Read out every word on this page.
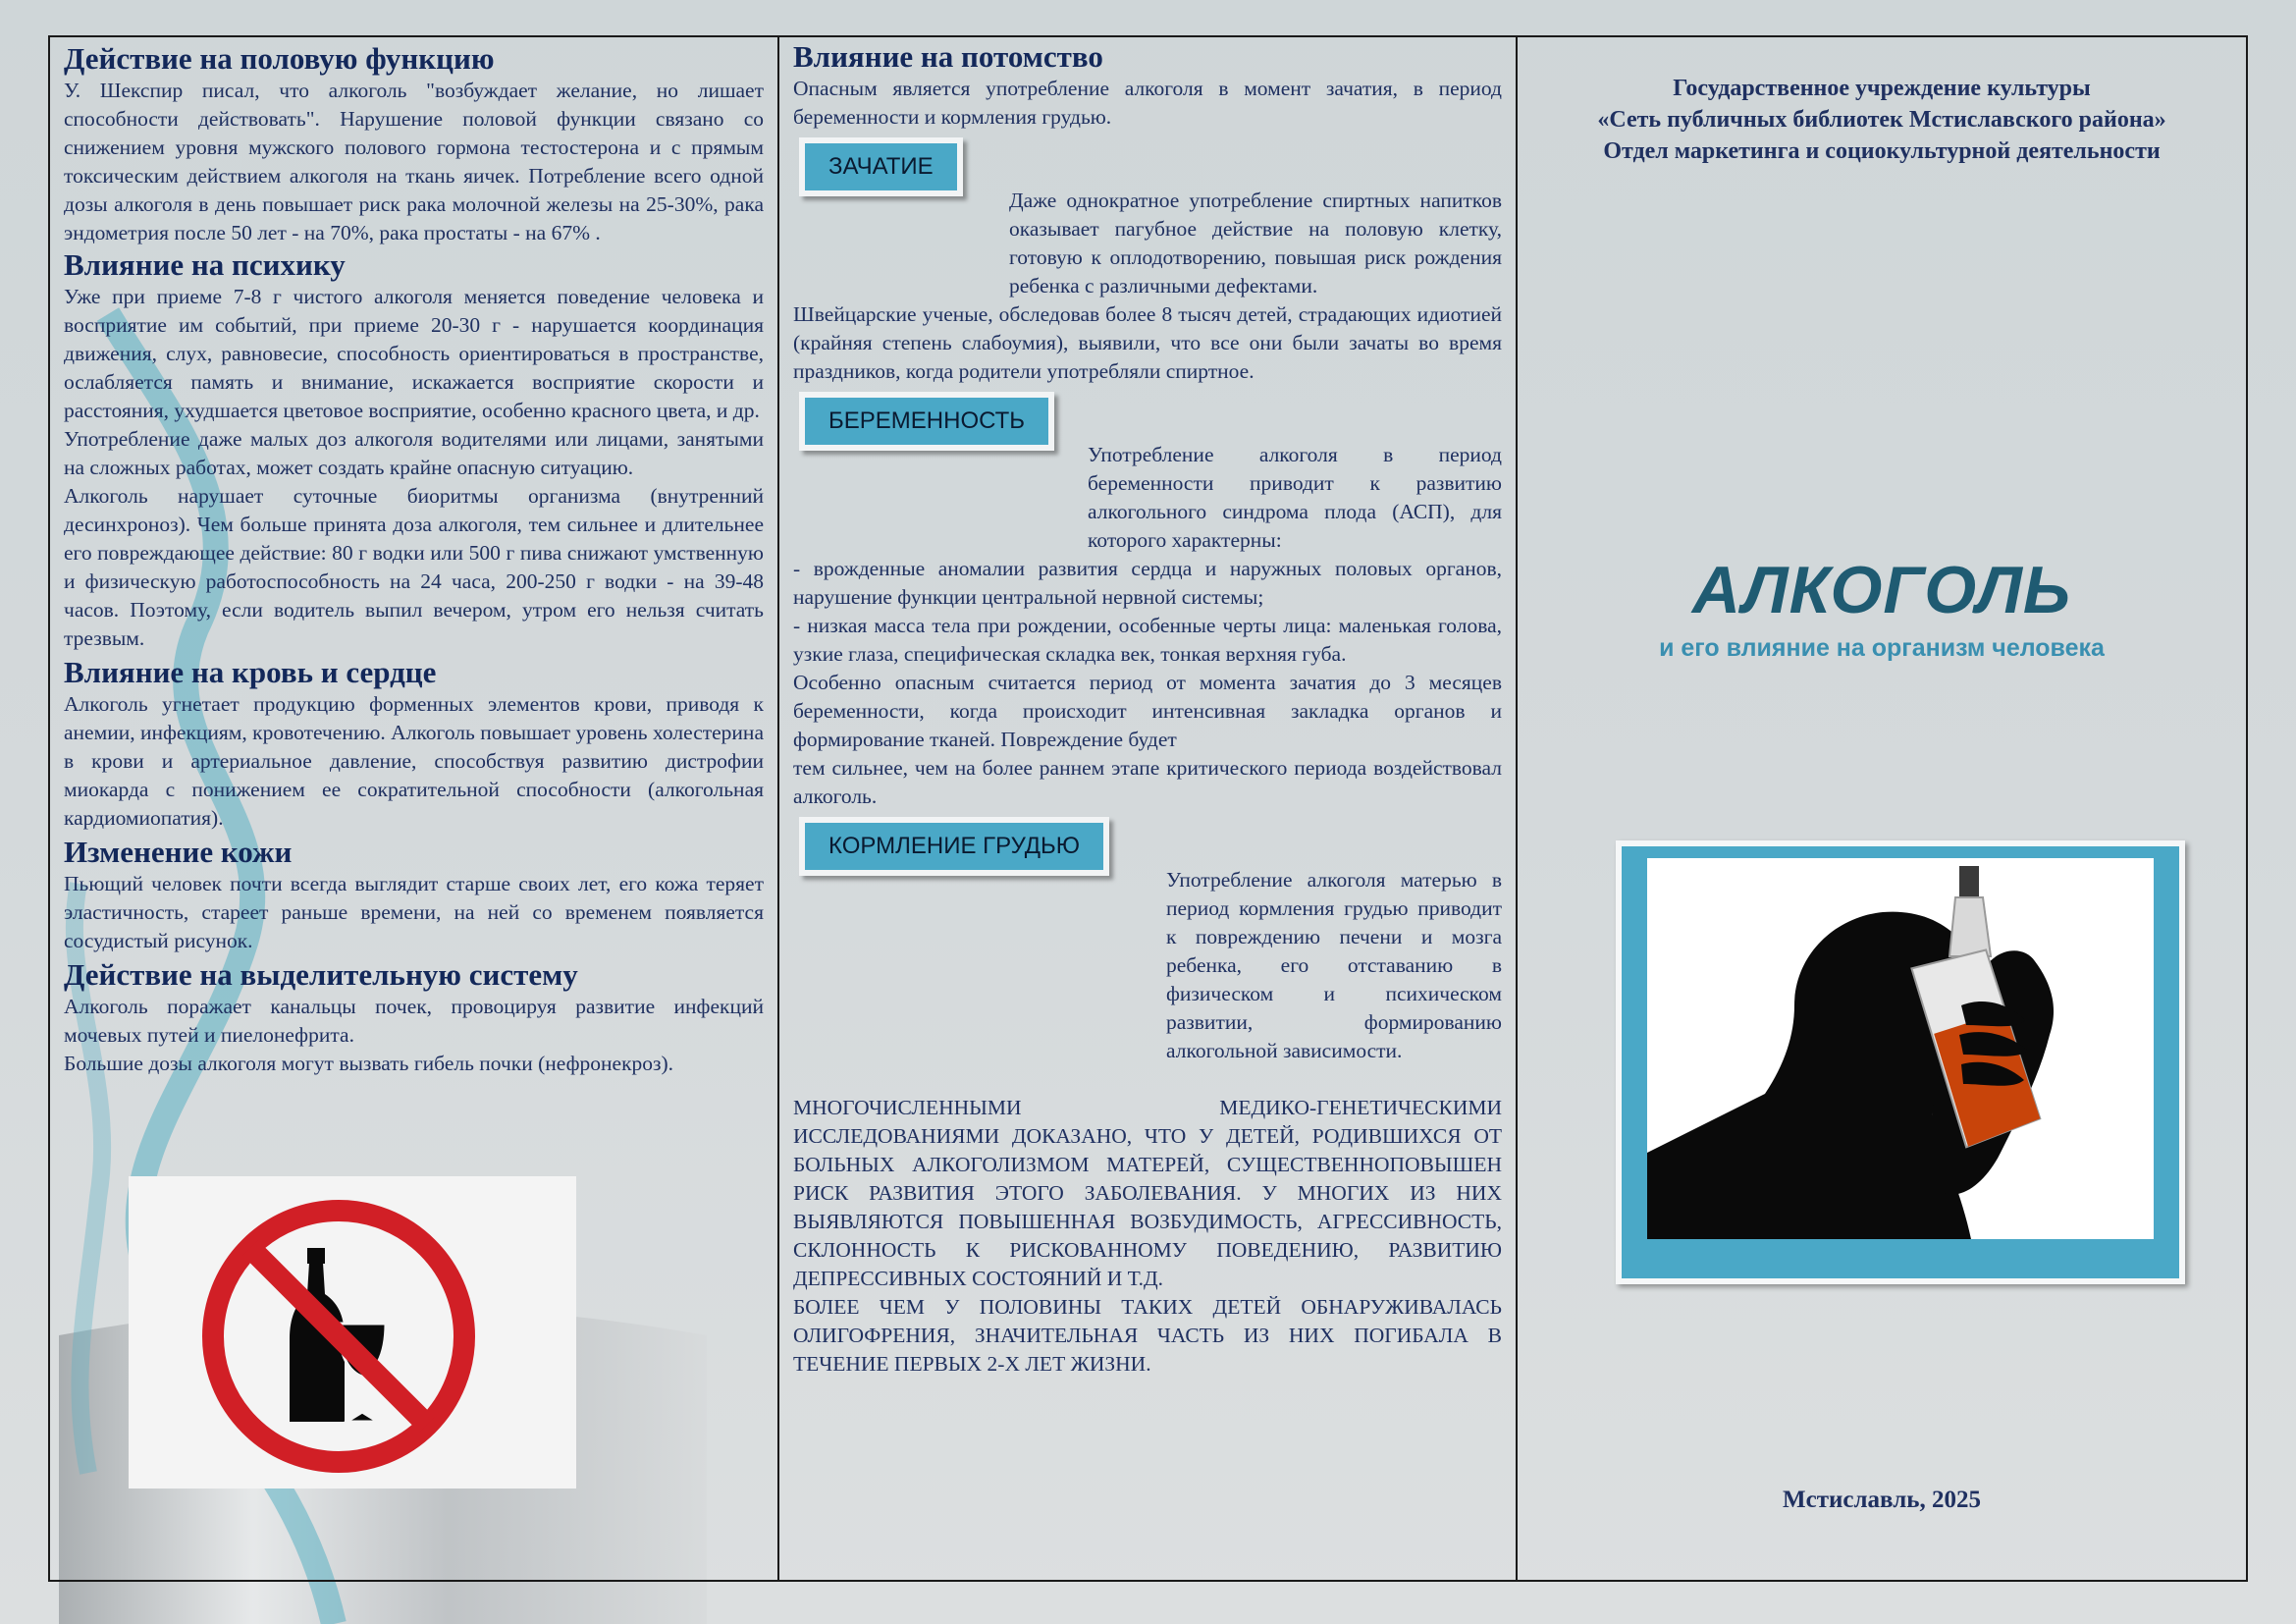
Действие на половую функцию

У. Шекспир писал, что алкоголь "возбуждает желание, но лишает способности действовать". Нарушение половой функции связано со снижением уровня мужского полового гормона тестостерона и с прямым токсическим действием алкоголя на ткань яичек. Потребление всего одной дозы алкоголя в день повышает риск рака молочной железы на 25-30%, рака эндометрия после 50 лет - на 70%, рака простаты - на 67% .

Влияние на психику

Уже при приеме 7-8 г чистого алкоголя меняется поведение человека и восприятие им событий, при приеме 20-30 г - нарушается координация движения, слух, равновесие, способность ориентироваться в пространстве, ослабляется память и внимание, искажается восприятие скорости и расстояния, ухудшается цветовое восприятие, особенно красного цвета, и др.

Употребление даже малых доз алкоголя водителями или лицами, занятыми на сложных работах, может создать крайне опасную ситуацию.

Алкоголь нарушает суточные биоритмы организма (внутренний десинхроноз). Чем больше принята доза алкоголя, тем сильнее и длительнее его повреждающее действие: 80 г водки или 500 г пива снижают умственную и физическую работоспособность на 24 часа, 200-250 г водки - на 39-48 часов. Поэтому, если водитель выпил вечером, утром его нельзя считать трезвым.

Влияние на кровь и сердце

Алкоголь угнетает продукцию форменных элементов крови, приводя к анемии, инфекциям, кровотечению. Алкоголь повышает уровень холестерина в крови и артериальное давление, способствуя развитию дистрофии миокарда с понижением ее сократительной способности (алкогольная кардиомиопатия).

Изменение кожи

Пьющий человек почти всегда выглядит старше своих лет, его кожа теряет эластичность, стареет раньше времени, на ней со временем появляется сосудистый рисунок.

Действие на выделительную систему

Алкоголь поражает канальцы почек, провоцируя развитие инфекций мочевых путей и пиелонефрита.

Большие дозы алкоголя могут вызвать гибель почки (нефронекроз).

Влияние на потомство

Опасным является употребление алкоголя в момент зачатия, в период беременности и кормления грудью.

ЗАЧАТИЕ

Даже однократное употребление спиртных напитков оказывает пагубное действие на половую клетку, готовую к оплодотворению, повышая риск рождения ребенка с различными дефектами.

Швейцарские ученые, обследовав более 8 тысяч детей, страдающих идиотией (крайняя степень слабоумия), выявили, что все они были зачаты во время праздников, когда родители употребляли спиртное.

БЕРЕМЕННОСТЬ

Употребление алкоголя в период беременности приводит к развитию алкогольного синдрома плода (АСП), для которого характерны:

- врожденные аномалии развития сердца и наружных половых органов, нарушение функции центральной нервной системы;

- низкая масса тела при рождении, особенные черты лица: маленькая голова, узкие глаза, специфическая складка век, тонкая верхняя губа.

Особенно опасным считается период от момента зачатия до 3 месяцев беременности, когда происходит интенсивная закладка органов и формирование тканей. Повреждение будет

тем сильнее, чем на более раннем этапе критического периода воздействовал алкоголь.

КОРМЛЕНИЕ ГРУДЬЮ

Употребление алкоголя матерью в период кормления грудью приводит к повреждению печени и мозга ребенка, его отставанию в физическом и психическом развитии, формированию алкогольной зависимости.

МНОГОЧИСЛЕННЫМИ МЕДИКО-ГЕНЕТИЧЕСКИМИ ИССЛЕДОВАНИЯМИ ДОКАЗАНО, ЧТО У ДЕТЕЙ, РОДИВШИХСЯ ОТ БОЛЬНЫХ АЛКОГОЛИЗМОМ МАТЕРЕЙ, СУЩЕСТВЕННОПОВЫШЕН РИСК РАЗВИТИЯ ЭТОГО ЗАБОЛЕВАНИЯ. У МНОГИХ ИЗ НИХ ВЫЯВЛЯЮТСЯ ПОВЫШЕННАЯ ВОЗБУДИМОСТЬ, АГРЕССИВНОСТЬ, СКЛОННОСТЬ К РИСКОВАННОМУ ПОВЕДЕНИЮ, РАЗВИТИЮ ДЕПРЕССИВНЫХ СОСТОЯНИЙ И Т.Д.

БОЛЕЕ ЧЕМ У ПОЛОВИНЫ ТАКИХ ДЕТЕЙ ОБНАРУЖИВАЛАСЬ ОЛИГОФРЕНИЯ, ЗНАЧИТЕЛЬНАЯ ЧАСТЬ ИЗ НИХ ПОГИБАЛА В ТЕЧЕНИЕ ПЕРВЫХ 2-Х ЛЕТ ЖИЗНИ.

Государственное учреждение культуры
«Сеть публичных библиотек Мстиславского района»
Отдел маркетинга и социокультурной деятельности
АЛКОГОЛЬ
и его влияние на организм человека
Мстиславль, 2025
